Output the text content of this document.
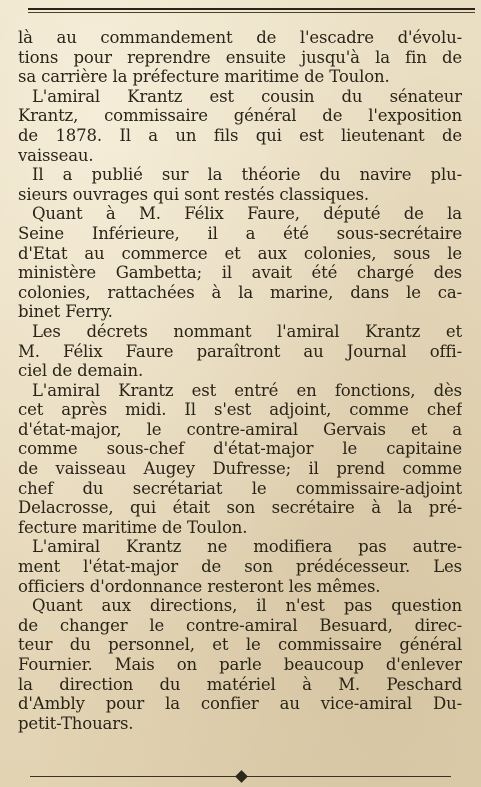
là au commandement de l'escadre d'évolu-
tions pour reprendre ensuite jusqu'à la fin de
sa carrière la préfecture maritime de Toulon.
L'amiral Krantz est cousin du sénateur
Krantz, commissaire général de l'exposition
de 1878. Il a un fils qui est lieutenant de
vaisseau.
Il a publié sur la théorie du navire plu-
sieurs ouvrages qui sont restés classiques.
Quant à M. Félix Faure, député de la
Seine Inférieure, il a été sous-secrétaire
d'Etat au commerce et aux colonies, sous le
ministère Gambetta; il avait été chargé des
colonies, rattachées à la marine, dans le ca-
binet Ferry.
Les décrets nommant l'amiral Krantz et
M. Félix Faure paraîtront au Journal offi-
ciel de demain.
L'amiral Krantz est entré en fonctions, dès
cet après midi. Il s'est adjoint, comme chef
d'état-major, le contre-amiral Gervais et a
comme sous-chef d'état-major le capitaine
de vaisseau Augey Dufresse; il prend comme
chef du secrétariat le commissaire-adjoint
Delacrosse, qui était son secrétaire à la pré-
fecture maritime de Toulon.
L'amiral Krantz ne modifiera pas autre-
ment l'état-major de son prédécesseur. Les
officiers d'ordonnance resteront les mêmes.
Quant aux directions, il n'est pas question
de changer le contre-amiral Besuard, direc-
teur du personnel, et le commissaire général
Fournier. Mais on parle beaucoup d'enlever
la direction du matériel à M. Peschard
d'Ambly pour la confier au vice-amiral Du-
petit-Thouars.
